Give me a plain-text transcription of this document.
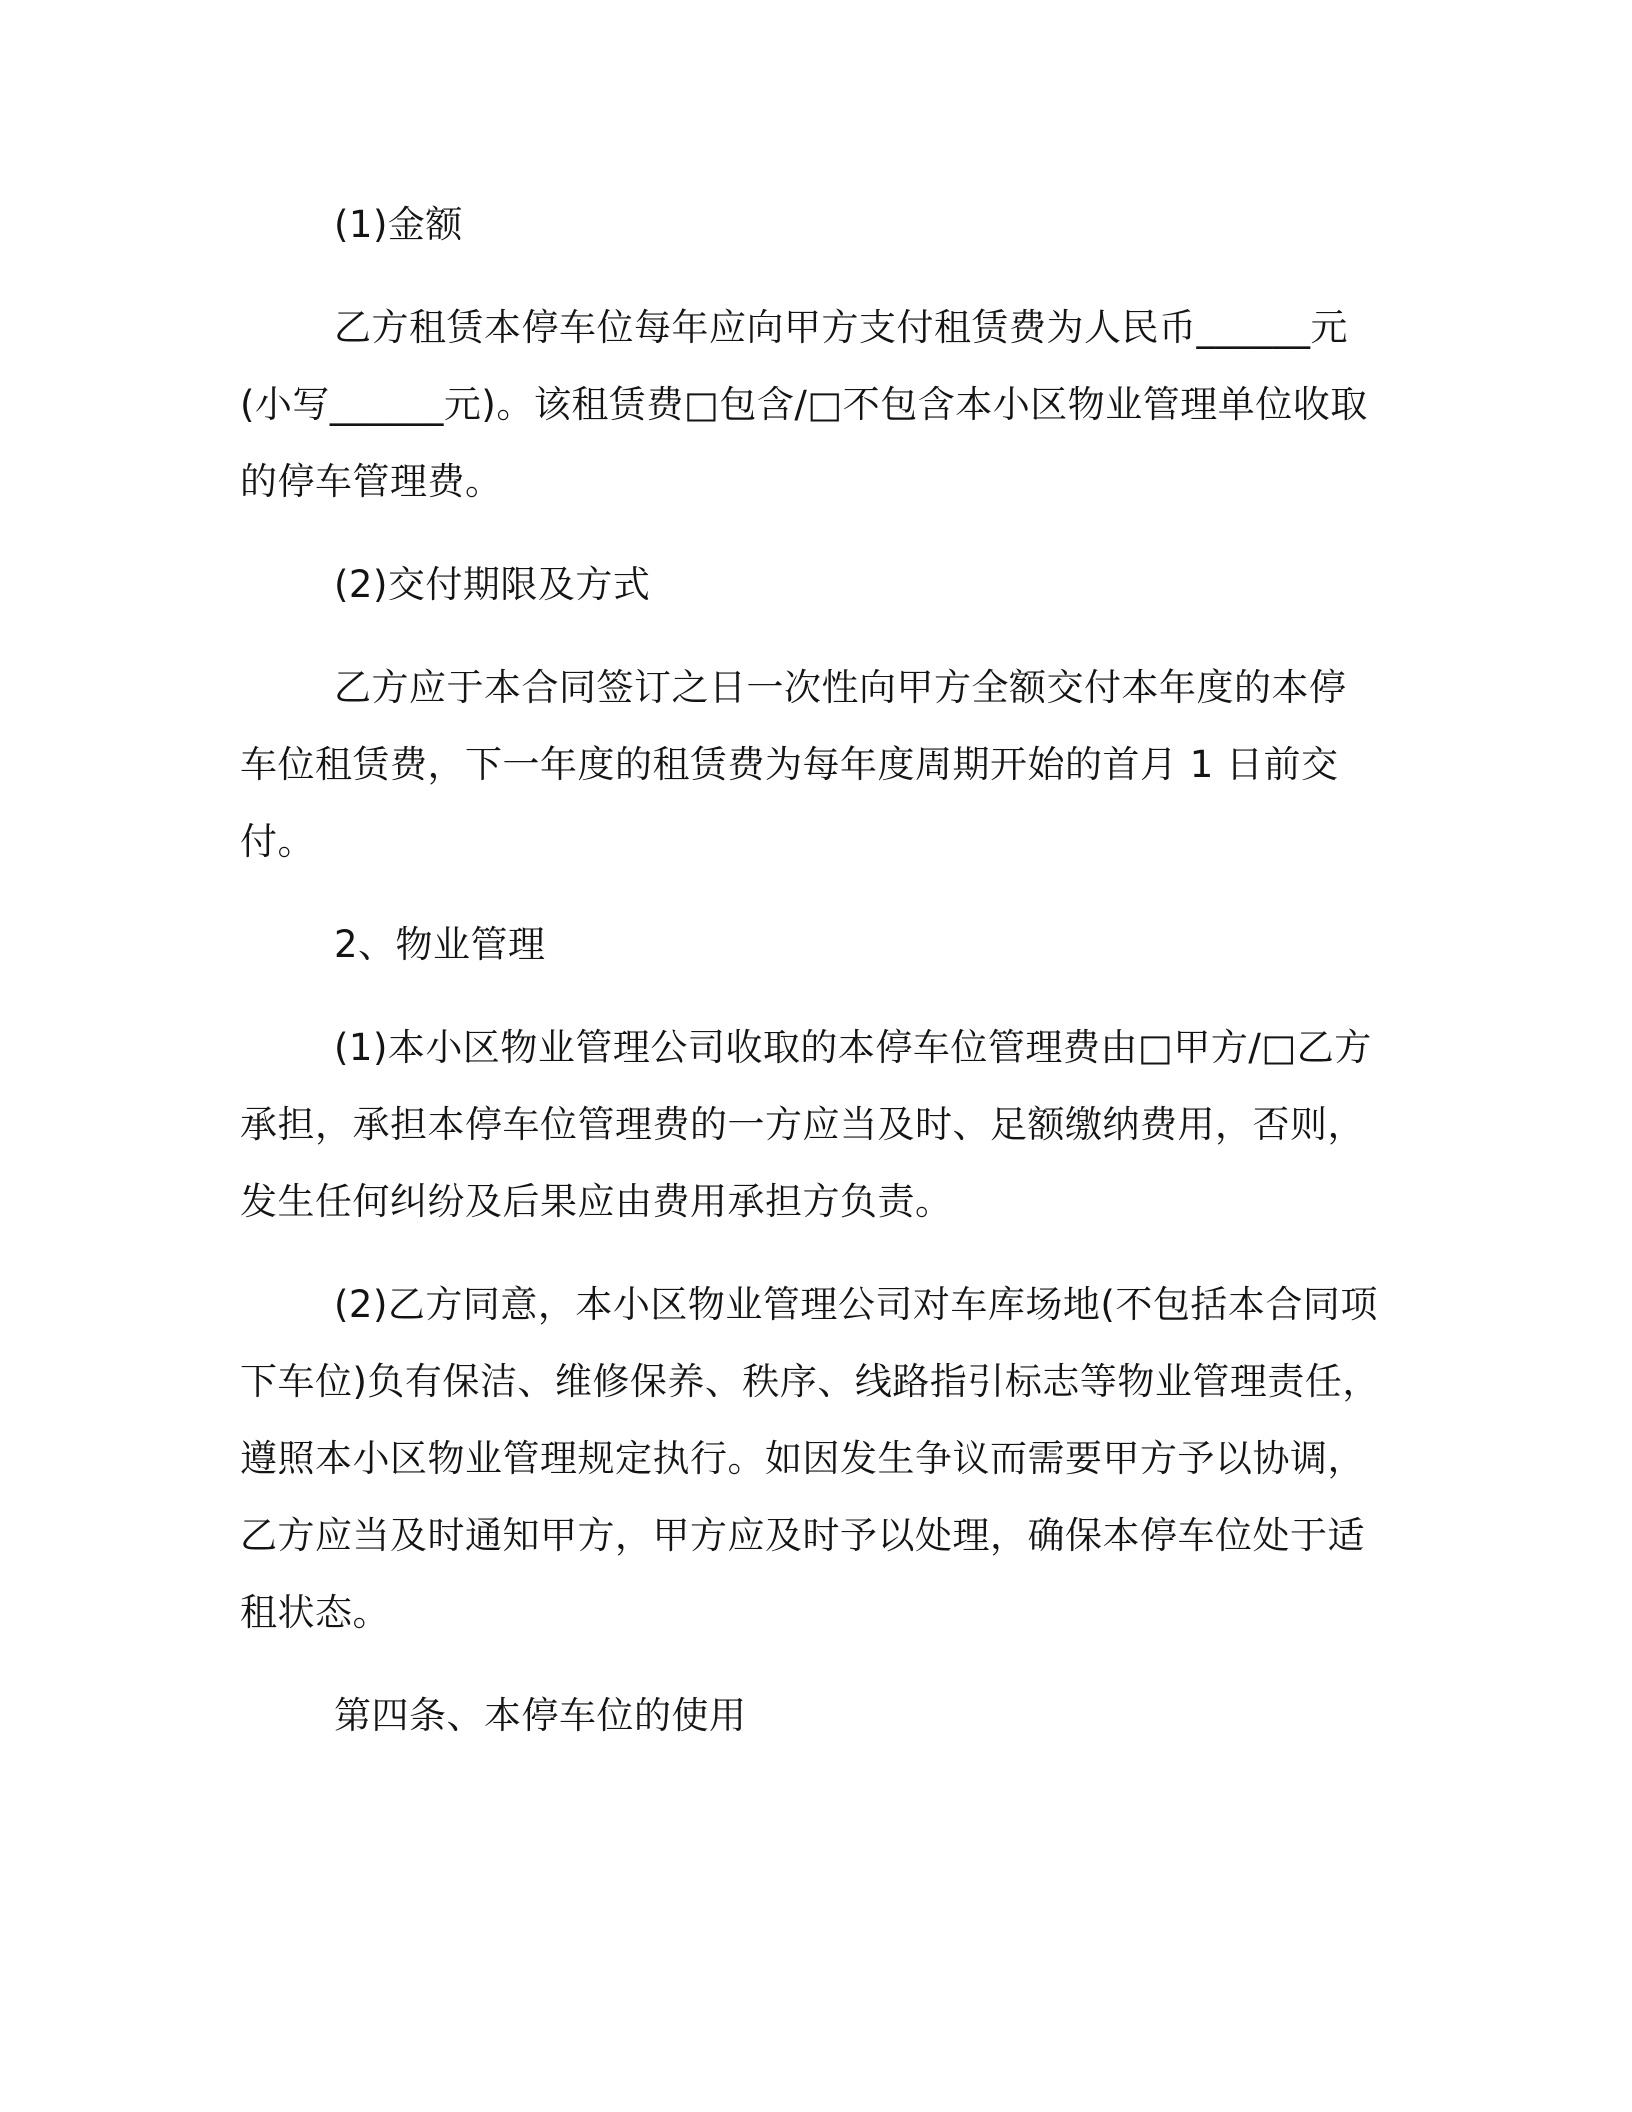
(1)金额

乙方租赁本停车位每年应向甲方支付租赁费为人民币______元(小写______元)。该租赁费□包含/□不包含本小区物业管理单位收取的停车管理费。

(2)交付期限及方式

乙方应于本合同签订之日一次性向甲方全额交付本年度的本停车位租赁费，下一年度的租赁费为每年度周期开始的首月 1 日前交付。

2、物业管理

(1)本小区物业管理公司收取的本停车位管理费由□甲方/□乙方承担，承担本停车位管理费的一方应当及时、足额缴纳费用，否则，发生任何纠纷及后果应由费用承担方负责。

(2)乙方同意，本小区物业管理公司对车库场地(不包括本合同项下车位)负有保洁、维修保养、秩序、线路指引标志等物业管理责任，遵照本小区物业管理规定执行。如因发生争议而需要甲方予以协调，乙方应当及时通知甲方，甲方应及时予以处理，确保本停车位处于适租状态。

第四条、本停车位的使用
